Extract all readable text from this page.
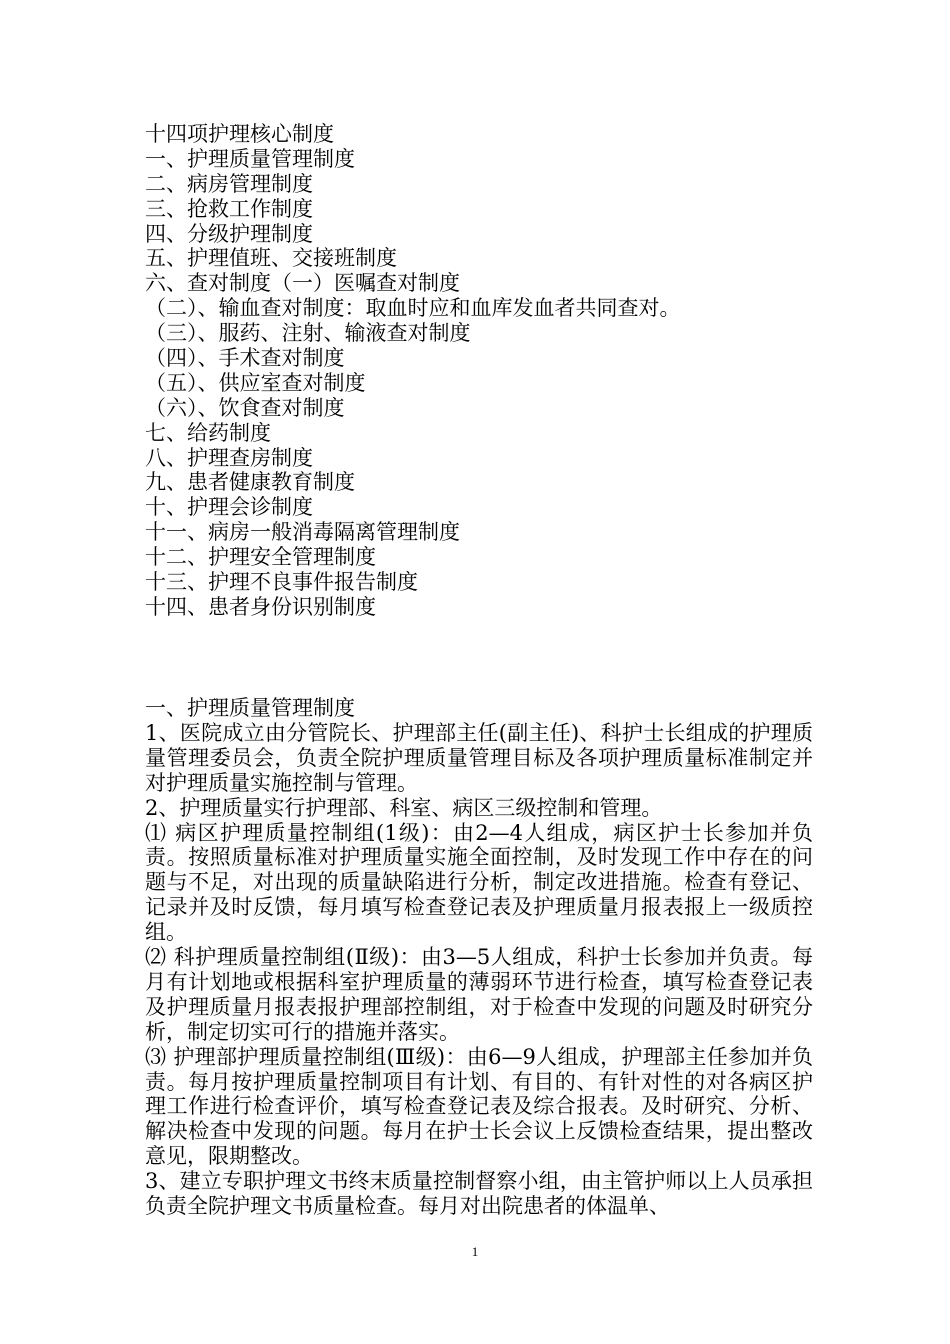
十四项护理核心制度
一、护理质量管理制度
二、病房管理制度
三、抢救工作制度
四、分级护理制度
五、护理值班、交接班制度
六、查对制度（一）医嘱查对制度
（二）、输血查对制度：取血时应和血库发血者共同查对。
（三）、服药、注射、输液查对制度
（四）、手术查对制度
（五）、供应室查对制度
（六）、饮食查对制度
七、给药制度
八、护理查房制度
九、患者健康教育制度
十、护理会诊制度
十一、病房一般消毒隔离管理制度
十二、护理安全管理制度
十三、护理不良事件报告制度
十四、患者身份识别制度
一、护理质量管理制度

1、医院成立由分管院长、护理部主任(副主任)、科护士长组成的护理质量管理委员会，负责全院护理质量管理目标及各项护理质量标准制定并对护理质量实施控制与管理。

2、护理质量实行护理部、科室、病区三级控制和管理。

⑴ 病区护理质量控制组(1级)：由2—4人组成，病区护士长参加并负责。按照质量标准对护理质量实施全面控制，及时发现工作中存在的问题与不足，对出现的质量缺陷进行分析，制定改进措施。检查有登记、记录并及时反馈，每月填写检查登记表及护理质量月报表报上一级质控组。

⑵ 科护理质量控制组(Ⅱ级)：由3—5人组成，科护士长参加并负责。每月有计划地或根据科室护理质量的薄弱环节进行检查，填写检查登记表及护理质量月报表报护理部控制组，对于检查中发现的问题及时研究分析，制定切实可行的措施并落实。

⑶ 护理部护理质量控制组(Ⅲ级)：由6—9人组成，护理部主任参加并负责。每月按护理质量控制项目有计划、有目的、有针对性的对各病区护理工作进行检查评价，填写检查登记表及综合报表。及时研究、分析、解决检查中发现的问题。每月在护士长会议上反馈检查结果，提出整改意见，限期整改。

3、建立专职护理文书终末质量控制督察小组，由主管护师以上人员承担负责全院护理文书质量检查。每月对出院患者的体温单、

1
